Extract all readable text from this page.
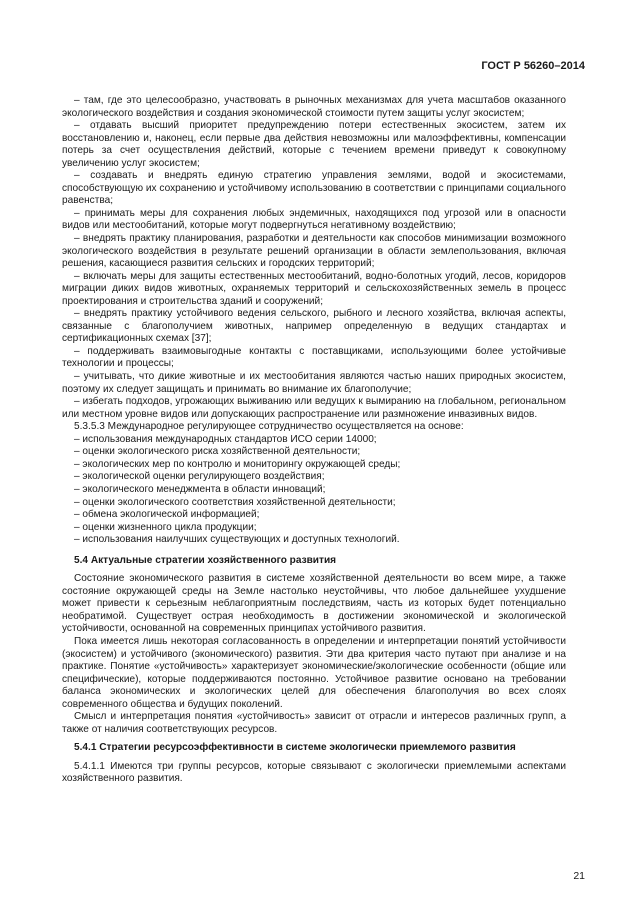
ГОСТ Р 56260–2014

– там, где это целесообразно, участвовать в рыночных механизмах для учета масштабов оказанного экологического воздействия и создания экономической стоимости путем защиты услуг экосистем;

– отдавать высший приоритет предупреждению потери естественных экосистем, затем их восстановлению и, наконец, если первые два действия невозможны или малоэффективны, компенсации потерь за счет осуществления действий, которые с течением времени приведут к совокупному увеличению услуг экосистем;

– создавать и внедрять единую стратегию управления землями, водой и экосистемами, способствующую их сохранению и устойчивому использованию в соответствии с принципами социального равенства;

– принимать меры для сохранения любых эндемичных, находящихся под угрозой или в опасности видов или местообитаний, которые могут подвергнуться негативному воздействию;

– внедрять практику планирования, разработки и деятельности как способов минимизации возможного экологического воздействия в результате решений организации в области землепользования, включая решения, касающиеся развития сельских и городских территорий;

– включать меры для защиты естественных местообитаний, водно-болотных угодий, лесов, коридоров миграции диких видов животных, охраняемых территорий и сельскохозяйственных земель в процесс проектирования и строительства зданий и сооружений;

– внедрять практику устойчивого ведения сельского, рыбного и лесного хозяйства, включая аспекты, связанные с благополучием животных, например определенную в ведущих стандартах и сертификационных схемах [37];

– поддерживать взаимовыгодные контакты с поставщиками, использующими более устойчивые технологии и процессы;

– учитывать, что дикие животные и их местообитания являются частью наших природных экосистем, поэтому их следует защищать и принимать во внимание их благополучие;

– избегать подходов, угрожающих выживанию или ведущих к вымиранию на глобальном, региональном или местном уровне видов или допускающих распространение или размножение инвазивных видов.

5.3.5.3 Международное регулирующее сотрудничество осуществляется на основе:

– использования международных стандартов ИСО серии 14000;

– оценки экологического риска хозяйственной деятельности;

– экологических мер по контролю и мониторингу окружающей среды;

– экологической оценки регулирующего воздействия;

– экологического менеджмента в области инноваций;

– оценки экологического соответствия хозяйственной деятельности;

– обмена экологической информацией;

– оценки жизненного цикла продукции;

– использования наилучших существующих и доступных технологий.

5.4 Актуальные стратегии хозяйственного развития

Состояние экономического развития в системе хозяйственной деятельности во всем мире, а также состояние окружающей среды на Земле настолько неустойчивы, что любое дальнейшее ухудшение может привести к серьезным неблагоприятным последствиям, часть из которых будет потенциально необратимой. Существует острая необходимость в достижении экономической и экологической устойчивости, основанной на современных принципах устойчивого развития.

Пока имеется лишь некоторая согласованность в определении и интерпретации понятий устойчивости (экосистем) и устойчивого (экономического) развития. Эти два критерия часто путают при анализе и на практике. Понятие «устойчивость» характеризует экономические/экологические особенности (общие или специфические), которые поддерживаются постоянно. Устойчивое развитие основано на требовании баланса экономических и экологических целей для обеспечения благополучия во всех слоях современного общества и будущих поколений.

Смысл и интерпретация понятия «устойчивость» зависит от отрасли и интересов различных групп, а также от наличия соответствующих ресурсов.

5.4.1 Стратегии ресурсоэффективности в системе экологически приемлемого развития

5.4.1.1 Имеются три группы ресурсов, которые связывают с экологически приемлемыми аспектами хозяйственного развития.

21
